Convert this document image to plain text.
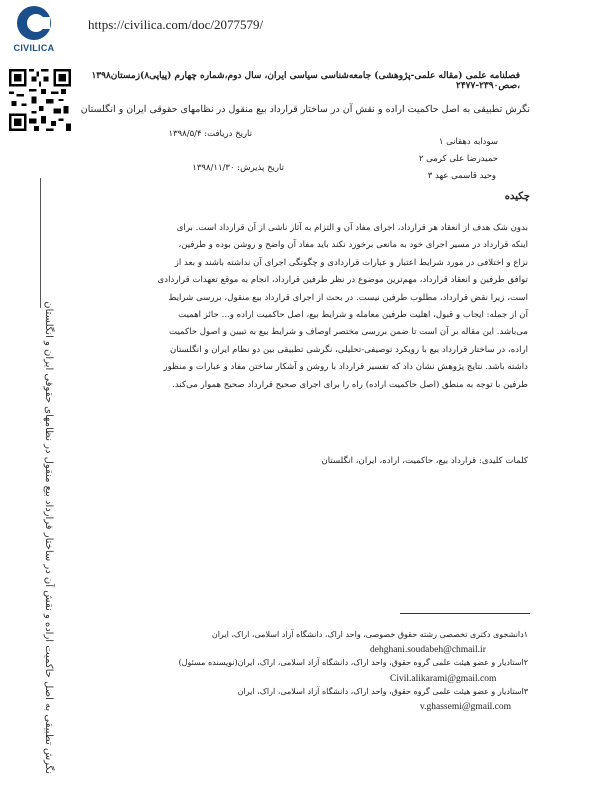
CIVILICA
https://civilica.com/doc/2077579/
نگرش تطبیقی به اصل حاکمیت اراده و نقش آن در ساختار قرارداد بیع منقول در نظامهای حقوقی ایران و انگلستان
فصلنامه علمی (مقاله علمی-پژوهشی) جامعه‌شناسی سیاسی ایران، سال دوم،شماره چهارم (پیاپی۸)زمستان۱۳۹۸ ،صص۲۳۹۰-۲۴۷۷
نگرش تطبیقی به اصل حاکمیت اراده و نقش آن در ساختار قرارداد بیع منقول در نظامهای حقوقی ایران و انگلستان
سودابه دهقانی ۱
حمیدرضا علی کرمی ۲
وحید قاسمی عهد ۳
تاریخ دریافت: ۱۳۹۸/۵/۴
تاریخ پذیرش: ۱۳۹۸/۱۱/۳۰
چکیده

بدون شک هدف از انعقاد هر قرارداد، اجرای مفاد آن و التزام به آثار ناشی از آن قرارداد است. برای

اینکه قرارداد در مسیر اجرای خود به مانعی برخورد نکند باید مفاد آن واضح و روشن بوده و طرفین،

نزاع و اختلافی در مورد شرایط اعتبار و عبارات قراردادی و چگونگی اجرای آن نداشته باشند و بعد از

توافق طرفین و انعقاد قرارداد، مهم‌ترین موضوع در نظر طرفین قرارداد، انجام به موقع تعهدات قراردادی

است، زیرا نقض قرارداد، مطلوب طرفین نیست. در بحث از اجرای قرارداد بیع منقول، بررسی شرایط

آن از جمله: ایجاب و قبول، اهلیت طرفین معامله و شرایط بیع، اصل حاکمیت اراده و... حائز اهمیت

می‌باشد. این مقاله بر آن است تا ضمن بررسی مختصر اوصاف و شرایط بیع به تبیین و اصول حاکمیت

اراده، در ساختار قرارداد بیع با رویکرد توصیفی-تحلیلی، نگرشی تطبیقی بین دو نظام ایران و انگلستان

داشته باشد. نتایج پژوهش نشان داد که تفسیر قرارداد با روشن و آشکار ساختن مفاد و عبارات و منظور

طرفین با توجه به منطق (اصل حاکمیت اراده) راه را برای اجرای صحیح قرارداد صحیح هموار می‌کند.

کلمات کلیدی: قرارداد بیع، حاکمیت، اراده، ایران، انگلستان
۱دانشجوی دکتری تخصصی رشته حقوق خصوصی، واحد اراک، دانشگاه آزاد اسلامی، اراک، ایران
dehghani.soudabeh@chmail.ir
۲استادیار و عضو هیئت علمی گروه حقوق، واحد اراک، دانشگاه آزاد اسلامی، اراک، ایران(نویسنده مسئول)
Civil.alikarami@gmail.com
۳استادیار و عضو هیئت علمی گروه حقوق، واحد اراک، دانشگاه آزاد اسلامی، اراک، ایران
v.ghassemi@gmail.com
